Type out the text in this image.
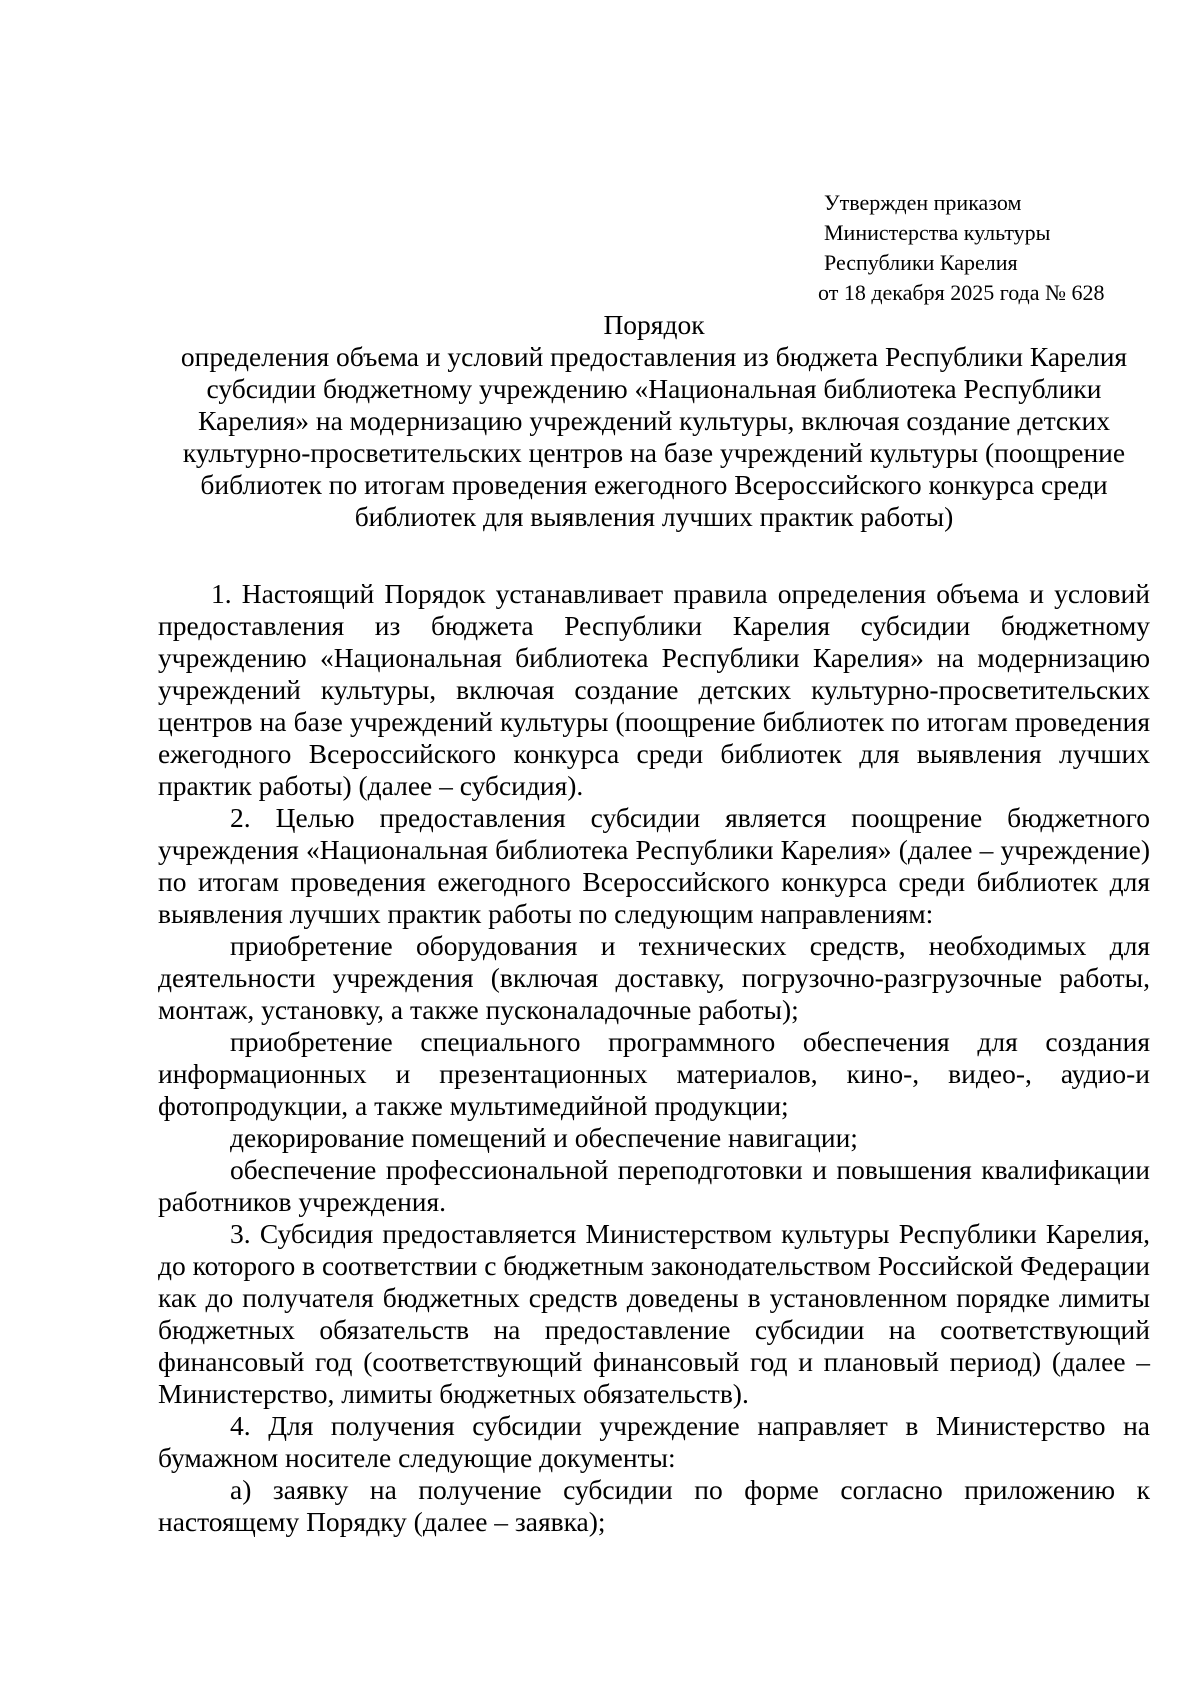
Утвержден приказом
Министерства культуры
Республики Карелия
от 18 декабря 2025 года № 628
Порядок
определения объема и условий предоставления из бюджета Республики Карелия субсидии бюджетному учреждению «Национальная библиотека Республики Карелия» на модернизацию учреждений культуры, включая создание детских культурно-просветительских центров на базе учреждений культуры (поощрение библиотек по итогам проведения ежегодного Всероссийского конкурса среди библиотек для выявления лучших практик работы)

1. Настоящий Порядок устанавливает правила определения объема и условий предоставления из бюджета Республики Карелия субсидии бюджетному учреждению «Национальная библиотека Республики Карелия» на модернизацию учреждений культуры, включая создание детских культурно-просветительских центров на базе учреждений культуры (поощрение библиотек по итогам проведения ежегодного Всероссийского конкурса среди библиотек для выявления лучших практик работы) (далее – субсидия).

2. Целью предоставления субсидии является поощрение бюджетного учреждения «Национальная библиотека Республики Карелия» (далее – учреждение) по итогам проведения ежегодного Всероссийского конкурса среди библиотек для выявления лучших практик работы по следующим направлениям:

приобретение оборудования и технических средств, необходимых для деятельности учреждения (включая доставку, погрузочно-разгрузочные работы, монтаж, установку, а также пусконаладочные работы);

приобретение специального программного обеспечения для создания информационных и презентационных материалов, кино-, видео-, аудио-и фотопродукции, а также мультимедийной продукции;

декорирование помещений и обеспечение навигации;

обеспечение профессиональной переподготовки и повышения квалификации работников учреждения.

3. Субсидия предоставляется Министерством культуры Республики Карелия, до которого в соответствии с бюджетным законодательством Российской Федерации как до получателя бюджетных средств доведены в установленном порядке лимиты бюджетных обязательств на предоставление субсидии на соответствующий финансовый год (соответствующий финансовый год и плановый период) (далее – Министерство, лимиты бюджетных обязательств).

4. Для получения субсидии учреждение направляет в Министерство на бумажном носителе следующие документы:

а) заявку на получение субсидии по форме согласно приложению к настоящему Порядку (далее – заявка);
